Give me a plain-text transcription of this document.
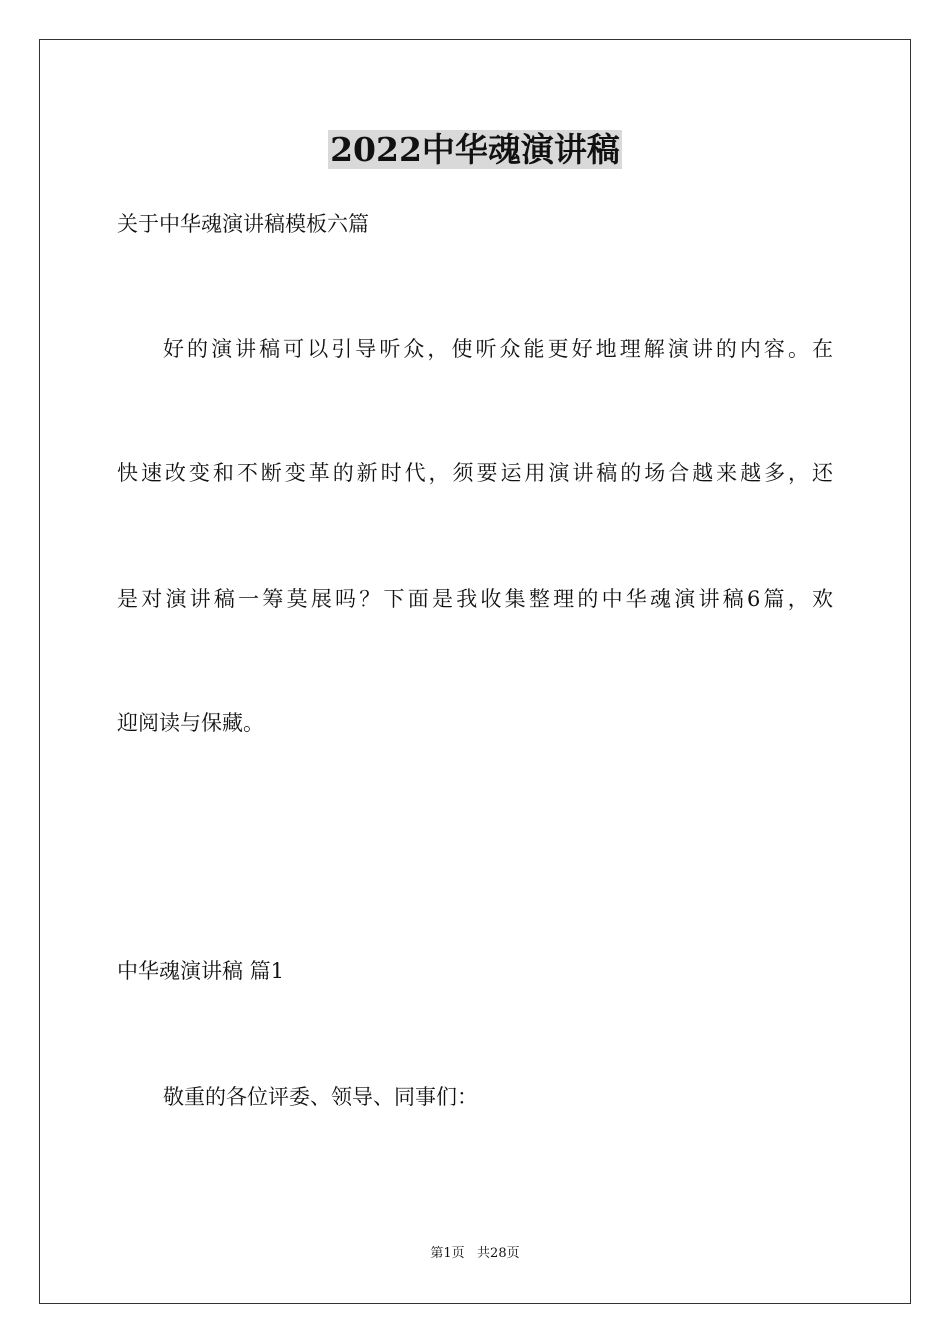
2022中华魂演讲稿
关于中华魂演讲稿模板六篇
好的演讲稿可以引导听众，使听众能更好地理解演讲的内容。在
快速改变和不断变革的新时代，须要运用演讲稿的场合越来越多，还
是对演讲稿一筹莫展吗？下面是我收集整理的中华魂演讲稿6篇，欢
迎阅读与保藏。
中华魂演讲稿 篇1
敬重的各位评委、领导、同事们：
第1页   共28页
